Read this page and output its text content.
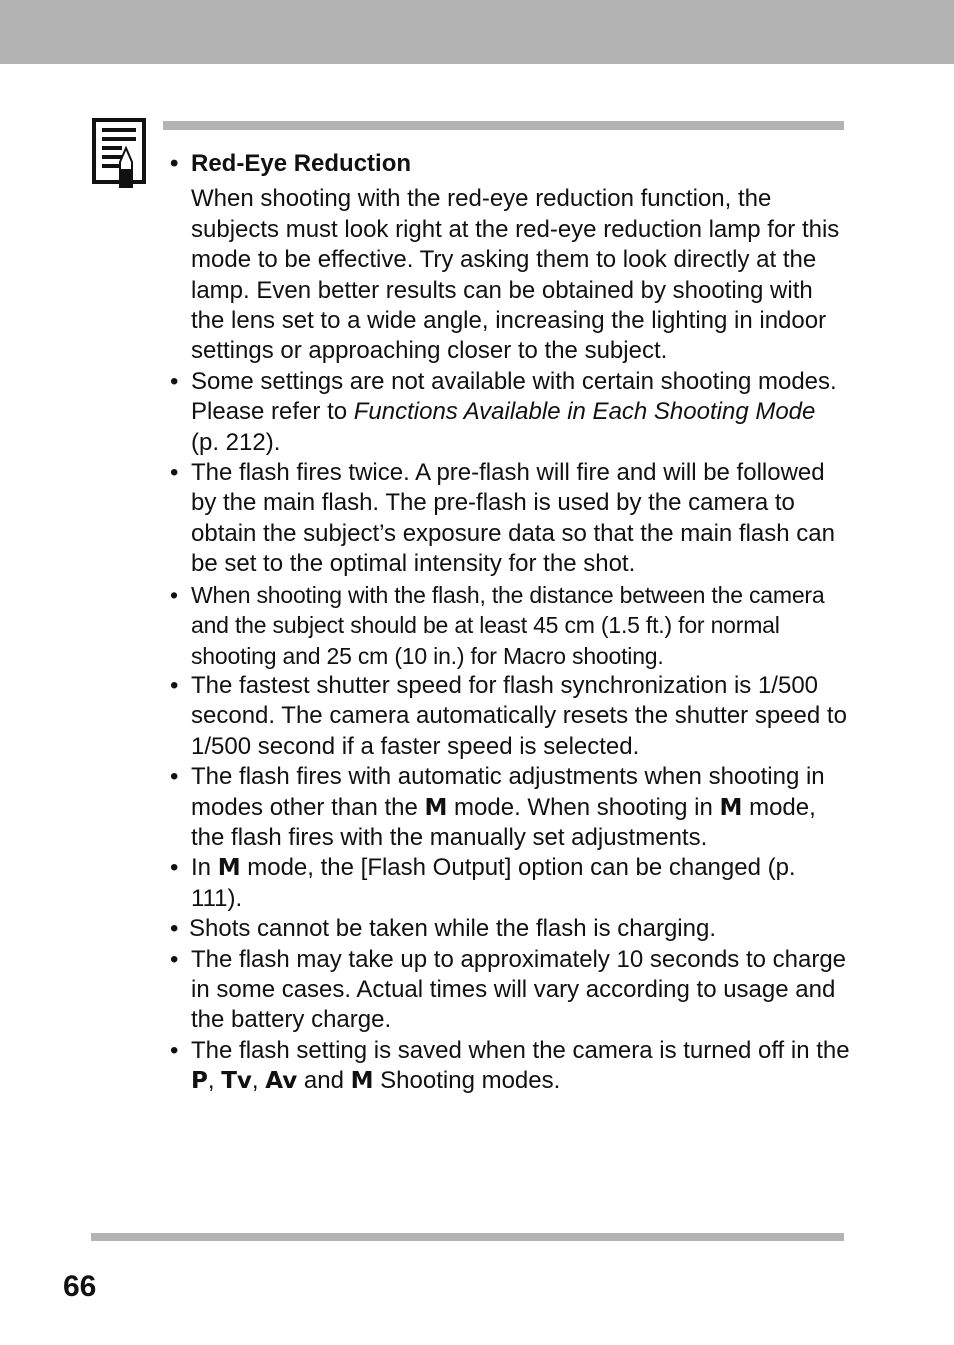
• Red-Eye Reduction
When shooting with the red-eye reduction function, the subjects must look right at the red-eye reduction lamp for this mode to be effective. Try asking them to look directly at the lamp. Even better results can be obtained by shooting with the lens set to a wide angle, increasing the lighting in indoor settings or approaching closer to the subject.
• Some settings are not available with certain shooting modes. Please refer to Functions Available in Each Shooting Mode (p. 212).
• The flash fires twice. A pre-flash will fire and will be followed by the main flash. The pre-flash is used by the camera to obtain the subject’s exposure data so that the main flash can be set to the optimal intensity for the shot.
• When shooting with the flash, the distance between the camera and the subject should be at least 45 cm (1.5 ft.) for normal shooting and 25 cm (10 in.) for Macro shooting.
• The fastest shutter speed for flash synchronization is 1/500 second. The camera automatically resets the shutter speed to 1/500 second if a faster speed is selected.
• The flash fires with automatic adjustments when shooting in modes other than the M mode. When shooting in M mode, the flash fires with the manually set adjustments.
• In M mode, the [Flash Output] option can be changed (p. 111).
• Shots cannot be taken while the flash is charging.
• The flash may take up to approximately 10 seconds to charge in some cases. Actual times will vary according to usage and the battery charge.
• The flash setting is saved when the camera is turned off in the P, Tv, Av and M Shooting modes.
66
